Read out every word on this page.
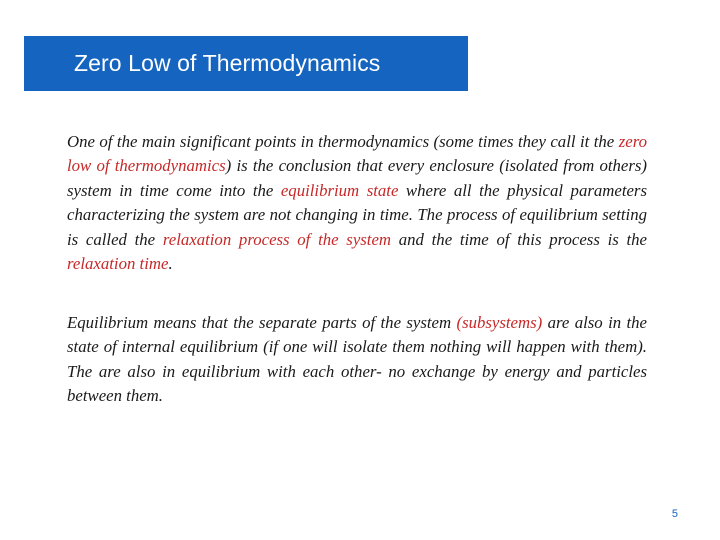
Zero Low of Thermodynamics

One of the main significant points in thermodynamics (some times they call it the zero low of thermodynamics) is the conclusion that every enclosure (isolated from others) system in time come into the equilibrium state where all the physical parameters characterizing the system are not changing in time. The process of equilibrium setting is called the relaxation process of the system and the time of this process is the relaxation time.

Equilibrium means that the separate parts of the system (subsystems) are also in the state of internal equilibrium (if one will isolate them nothing will happen with them). The are also in equilibrium with each other- no exchange by energy and particles between them.

5
